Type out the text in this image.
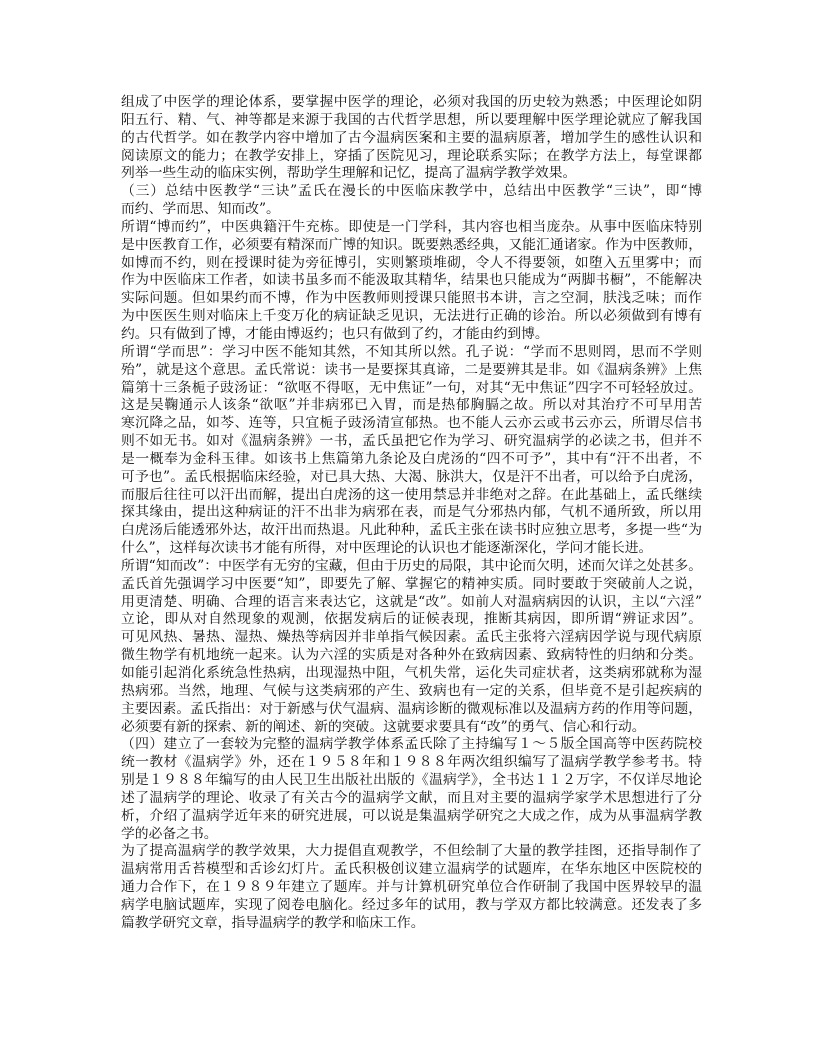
组成了中医学的理论体系，要掌握中医学的理论，必须对我国的历史较为熟悉；中医理论如阴
阳五行、精、气、神等都是来源于我国的古代哲学思想，所以要理解中医学理论就应了解我国
的古代哲学。如在教学内容中增加了古今温病医案和主要的温病原著，增加学生的感性认识和
阅读原文的能力；在教学安排上，穿插了医院见习，理论联系实际；在教学方法上，每堂课都
列举一些生动的临床实例，帮助学生理解和记忆，提高了温病学教学效果。
（三）总结中医教学“三诀”孟氏在漫长的中医临床教学中，总结出中医教学“三诀”，即“博
而约、学而思、知而改”。
所谓“博而约”，中医典籍汗牛充栋。即使是一门学科，其内容也相当庞杂。从事中医临床特别
是中医教育工作，必须要有精深而广博的知识。既要熟悉经典，又能汇通诸家。作为中医教师，
如博而不约，则在授课时徒为旁征博引，实则繁琐堆砌，令人不得要领，如堕入五里雾中；而
作为中医临床工作者，如读书虽多而不能汲取其精华，结果也只能成为“两脚书橱”，不能解决
实际问题。但如果约而不博，作为中医教师则授课只能照书本讲，言之空洞，肤浅乏味；而作
为中医医生则对临床上千变万化的病证缺乏见识，无法进行正确的诊治。所以必须做到有博有
约。只有做到了博，才能由博返约；也只有做到了约，才能由约到博。
所谓“学而思”：学习中医不能知其然，不知其所以然。孔子说：“学而不思则罔，思而不学则
殆”，就是这个意思。孟氏常说：读书一是要探其真谛，二是要辨其是非。如《温病条辨》上焦
篇第十三条栀子豉汤证：“欲呕不得呕，无中焦证”一句，对其“无中焦证”四字不可轻轻放过。
这是吴鞠通示人该条“欲呕”并非病邪已入胃，而是热郁胸膈之故。所以对其治疗不可早用苦
寒沉降之品，如芩、连等，只宜栀子豉汤清宣郁热。也不能人云亦云或书云亦云，所谓尽信书
则不如无书。如对《温病条辨》一书，孟氏虽把它作为学习、研究温病学的必读之书，但并不
是一概奉为金科玉律。如该书上焦篇第九条论及白虎汤的“四不可予”，其中有“汗不出者，不
可予也”。孟氏根据临床经验，对已具大热、大渴、脉洪大，仅是汗不出者，可以给予白虎汤，
而服后往往可以汗出而解，提出白虎汤的这一使用禁忌并非绝对之辞。在此基础上，孟氏继续
探其缘由，提出这种病证的汗不出非为病邪在表，而是气分邪热内郁，气机不通所致，所以用
白虎汤后能透邪外达，故汗出而热退。凡此种种，孟氏主张在读书时应独立思考，多提一些“为
什么”，这样每次读书才能有所得，对中医理论的认识也才能逐渐深化，学问才能长进。
所谓“知而改”：中医学有无穷的宝藏，但由于历史的局限，其中论而欠明，述而欠详之处甚多。
孟氏首先强调学习中医要“知”，即要先了解、掌握它的精神实质。同时要敢于突破前人之说，
用更清楚、明确、合理的语言来表达它，这就是“改”。如前人对温病病因的认识，主以“六淫”
立论，即从对自然现象的观测，依据发病后的证候表现，推断其病因，即所谓“辨证求因”。
可见风热、暑热、湿热、燥热等病因并非单指气候因素。孟氏主张将六淫病因学说与现代病原
微生物学有机地统一起来。认为六淫的实质是对各种外在致病因素、致病特性的归纳和分类。
如能引起消化系统急性热病，出现湿热中阻，气机失常，运化失司症状者，这类病邪就称为湿
热病邪。当然，地理、气候与这类病邪的产生、致病也有一定的关系，但毕竟不是引起疾病的
主要因素。孟氏指出：对于新感与伏气温病、温病诊断的微观标准以及温病方药的作用等问题，
必须要有新的探索、新的阐述、新的突破。这就要求要具有“改”的勇气、信心和行动。
（四）建立了一套较为完整的温病学教学体系孟氏除了主持编写１～５版全国高等中医药院校
统一教材《温病学》外，还在１９５８年和１９８８年两次组织编写了温病学教学参考书。特
别是１９８８年编写的由人民卫生出版社出版的《温病学》，全书达１１２万字，不仅详尽地论
述了温病学的理论、收录了有关古今的温病学文献，而且对主要的温病学家学术思想进行了分
析，介绍了温病学近年来的研究进展，可以说是集温病学研究之大成之作，成为从事温病学教
学的必备之书。
为了提高温病学的教学效果，大力提倡直观教学，不但绘制了大量的教学挂图，还指导制作了
温病常用舌苔模型和舌诊幻灯片。孟氏积极创议建立温病学的试题库，在华东地区中医院校的
通力合作下，在１９８９年建立了题库。并与计算机研究单位合作研制了我国中医界较早的温
病学电脑试题库，实现了阅卷电脑化。经过多年的试用，教与学双方都比较满意。还发表了多
篇教学研究文章，指导温病学的教学和临床工作。
